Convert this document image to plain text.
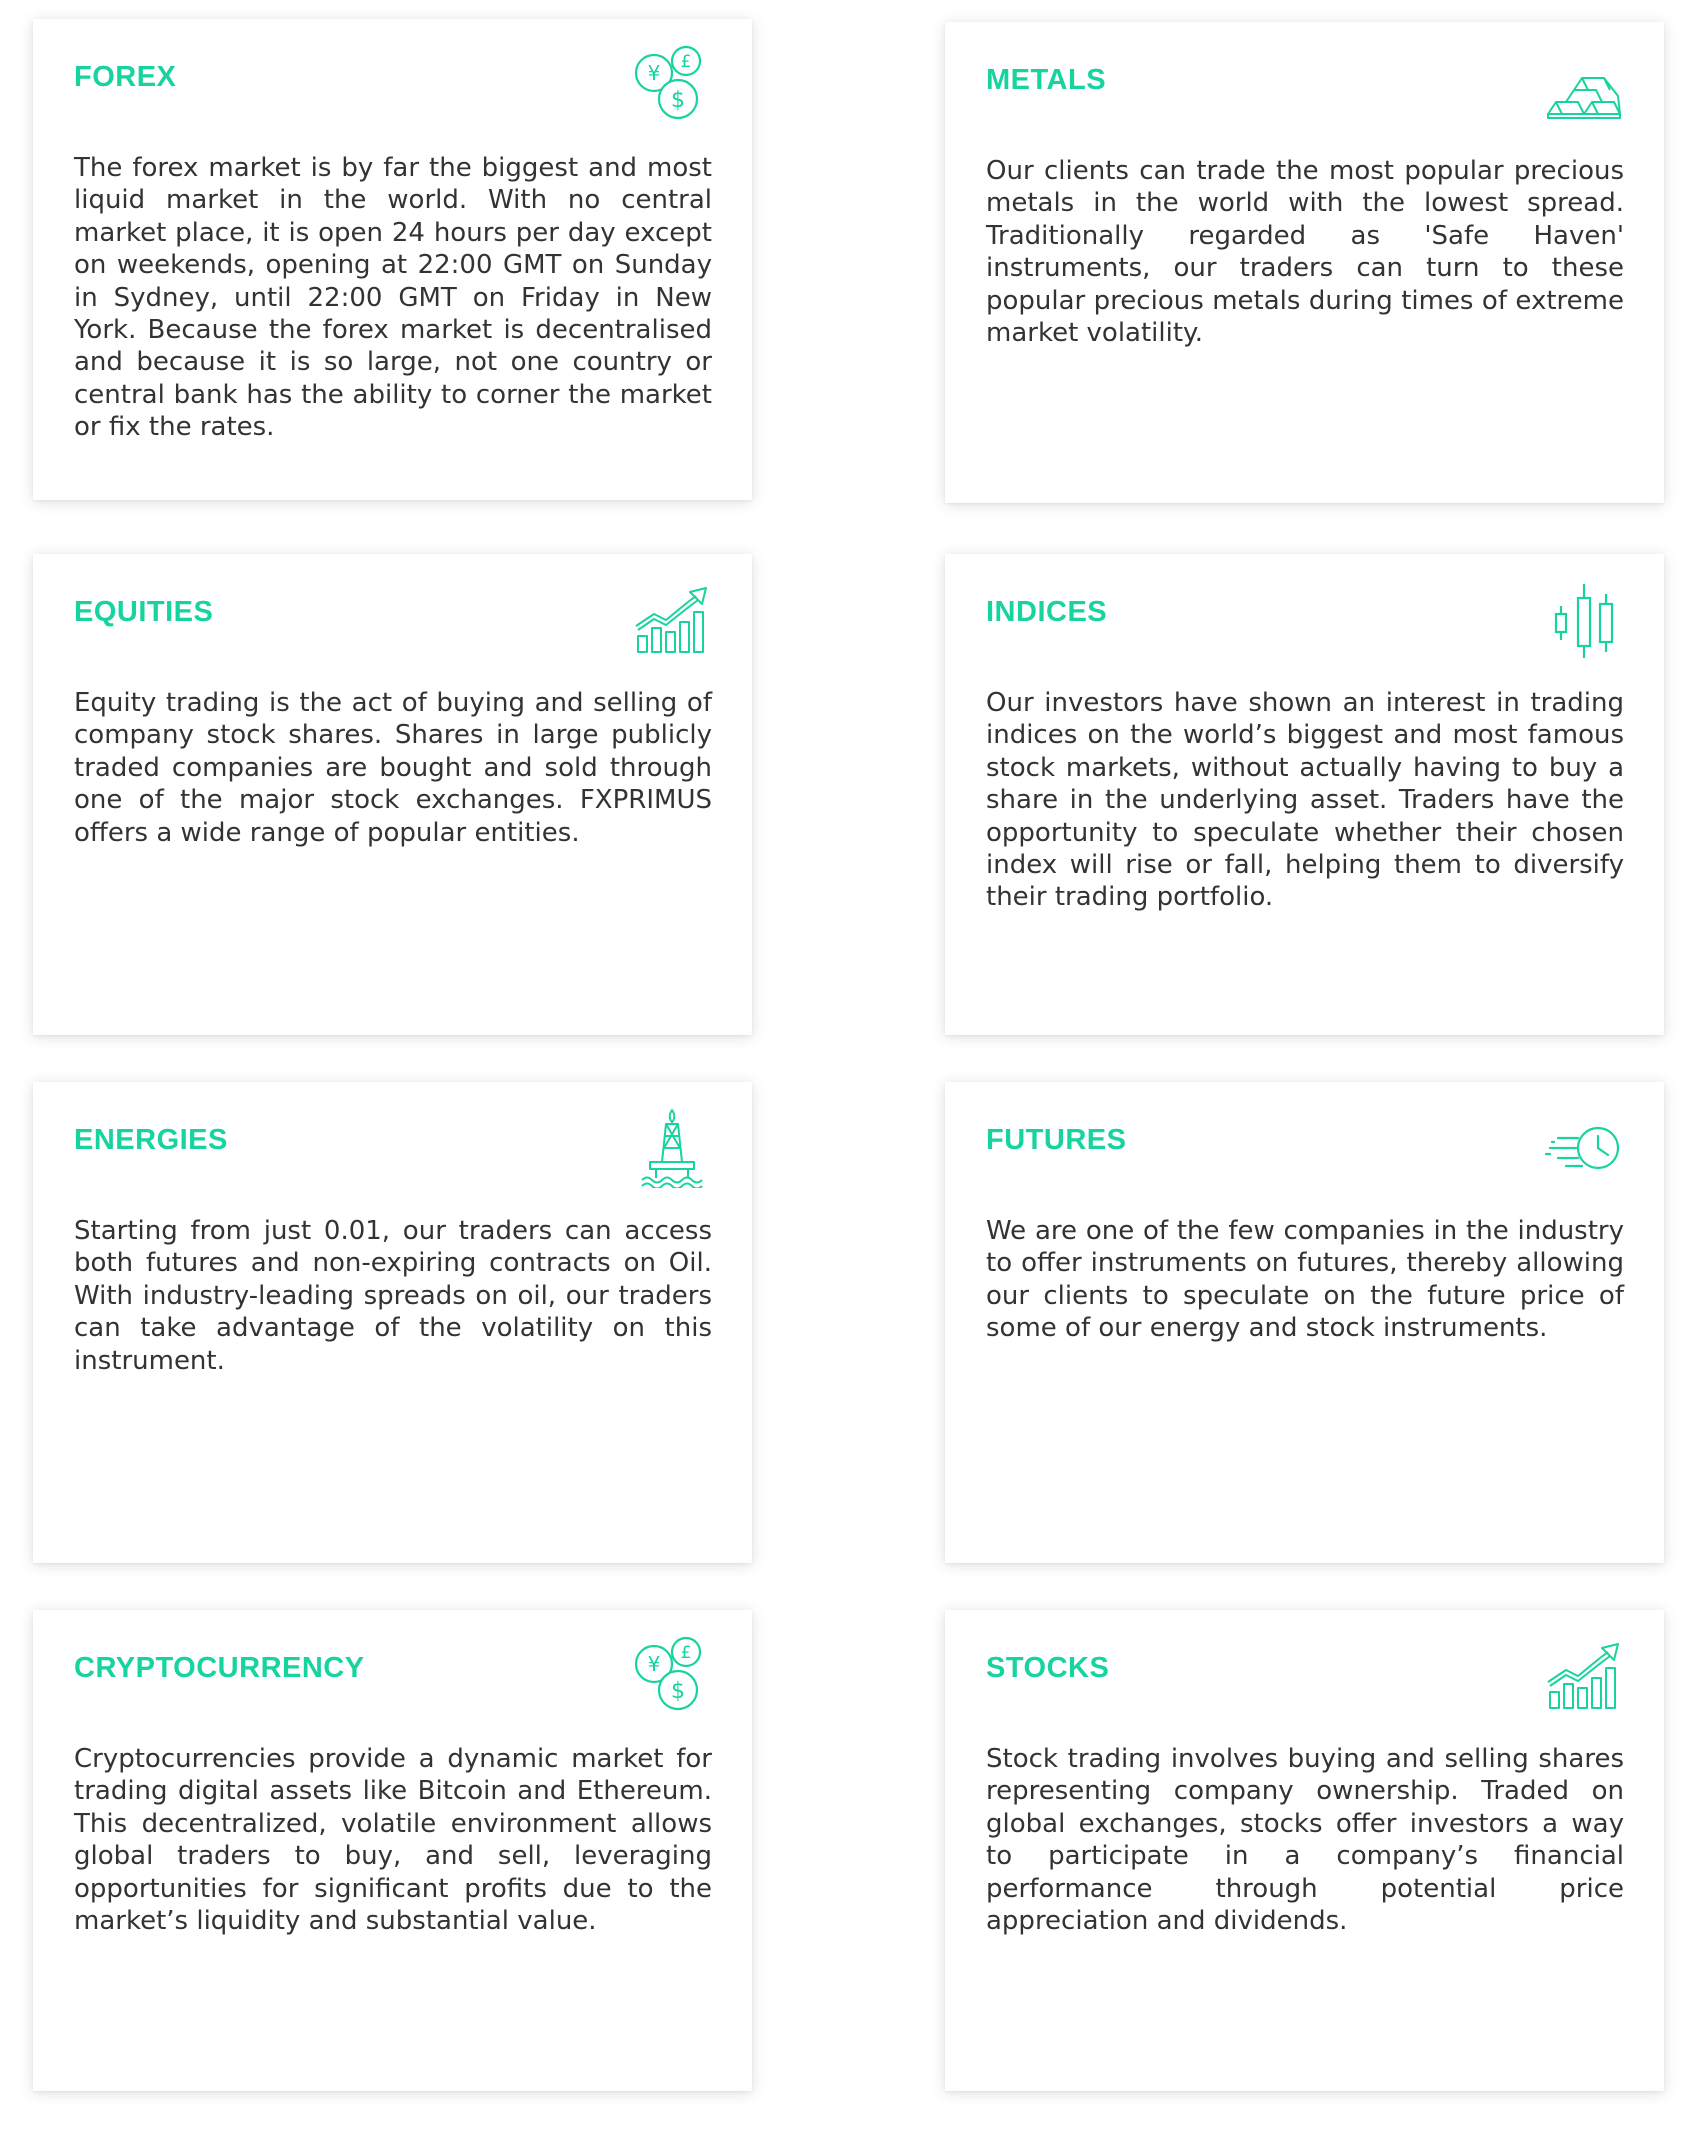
FOREX	¥ £
$

The forex market is by far the biggest and most liquid market in the world. With no central market place, it is open 24 hours per day except on weekends, opening at 22:00 GMT on Sunday in Sydney, until 22:00 GMT on Friday in New York. Because the forex market is decentralised and because it is so large, not one country or central bank has the ability to corner the market or fix the rates.

METALS

Our clients can trade the most popular precious metals in the world with the lowest spread. Traditionally regarded as 'Safe Haven' instruments, our traders can turn to these popular precious metals during times of extreme market volatility.

EQUITIES

Equity trading is the act of buying and selling of company stock shares. Shares in large publicly traded companies are bought and sold through one of the major stock exchanges. FXPRIMUS offers a wide range of popular entities.

INDICES

Our investors have shown an interest in trading indices on the world’s biggest and most famous stock markets, without actually having to buy a share in the underlying asset. Traders have the opportunity to speculate whether their chosen index will rise or fall, helping them to diversify their trading portfolio.

ENERGIES

Starting from just 0.01, our traders can access both futures and non-expiring contracts on Oil. With industry-leading spreads on oil, our traders can take advantage of the volatility on this instrument.

FUTURES

We are one of the few companies in the industry to offer instruments on futures, thereby allowing our clients to speculate on the future price of some of our energy and stock instruments.

CRYPTOCURRENCY	¥ £
$

Cryptocurrencies provide a dynamic market for trading digital assets like Bitcoin and Ethereum. This decentralized, volatile environment allows global traders to buy, and sell, leveraging opportunities for significant profits due to the market’s liquidity and substantial value.

STOCKS

Stock trading involves buying and selling shares representing company ownership. Traded on global exchanges, stocks offer investors a way to participate in a company’s financial performance through potential price appreciation and dividends.
